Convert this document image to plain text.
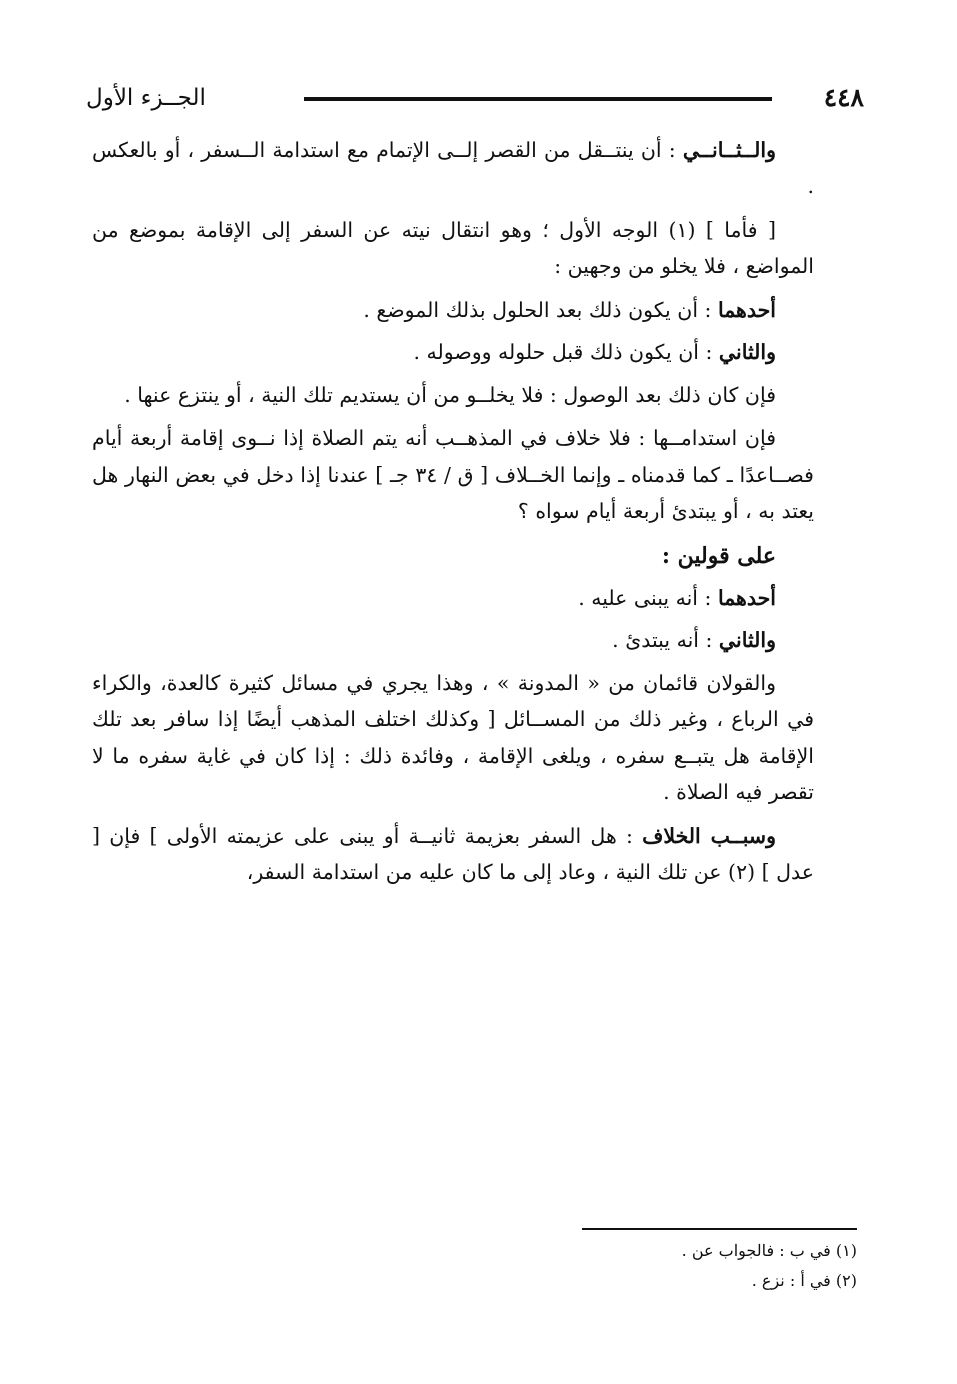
٤٤٨
الجــزء الأول

والــثــانــي : أن ينتــقل من القصر إلــى الإتمام مع استدامة الــسفر ، أو بالعكس .

[ فأما ] (١) الوجه الأول ؛ وهو انتقال نيته عن السفر إلى الإقامة بموضع من المواضع ، فلا يخلو من وجهين :

أحدهما : أن يكون ذلك بعد الحلول بذلك الموضع .

والثاني : أن يكون ذلك قبل حلوله ووصوله .

فإن كان ذلك بعد الوصول : فلا يخلــو من أن يستديم تلك النية ، أو ينتزع عنها .

فإن استدامــها : فلا خلاف في المذهــب أنه يتم الصلاة إذا نــوى إقامة أربعة أيام فصــاعدًا ـ كما قدمناه ـ وإنما الخــلاف [ ق / ٣٤ جـ ] عندنا إذا دخل في بعض النهار هل يعتد به ، أو يبتدئ أربعة أيام سواه ؟

على قولين :

أحدهما : أنه يبنى عليه .

والثاني : أنه يبتدئ .

والقولان قائمان من « المدونة » ، وهذا يجري في مسائل كثيرة كالعدة، والكراء في الرباع ، وغير ذلك من المســائل [ وكذلك اختلف المذهب أيضًا إذا سافر بعد تلك الإقامة هل يتبــع سفره ، ويلغى الإقامة ، وفائدة ذلك : إذا كان في غاية سفره ما لا تقصر فيه الصلاة .

وسبــب الخلاف : هل السفر بعزيمة ثانيــة أو يبنى على عزيمته الأولى ] فإن [ عدل ] (٢) عن تلك النية ، وعاد إلى ما كان عليه من استدامة السفر،

(١) في ب : فالجواب عن .

(٢) في أ : نزع .
